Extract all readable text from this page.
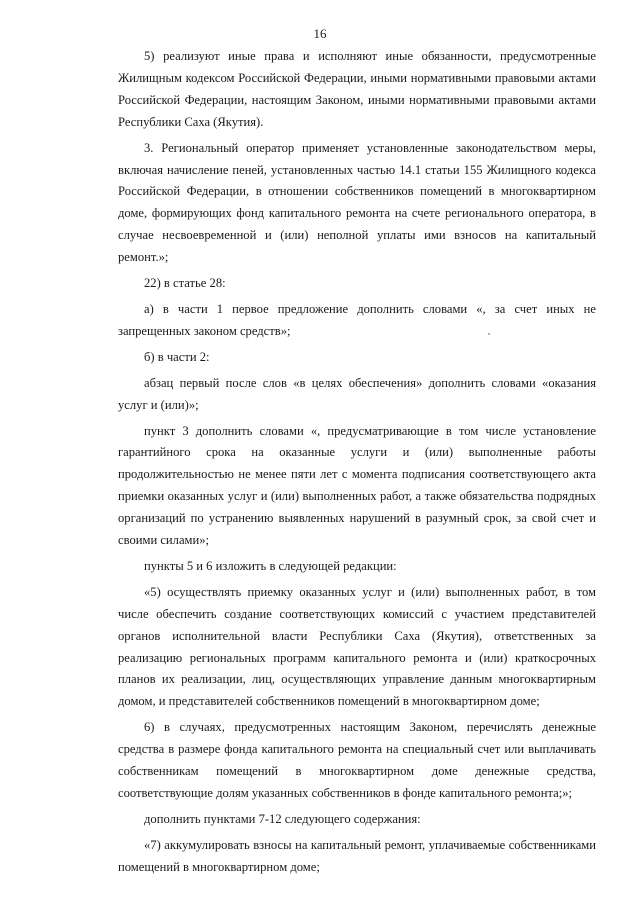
16

5) реализуют иные права и исполняют иные обязанности, предусмотренные Жилищным кодексом Российской Федерации, иными нормативными правовыми актами Российской Федерации, настоящим Законом, иными нормативными правовыми актами Республики Саха (Якутия).

3. Региональный оператор применяет установленные законодательством меры, включая начисление пеней, установленных частью 14.1 статьи 155 Жилищного кодекса Российской Федерации, в отношении собственников помещений в многоквартирном доме, формирующих фонд капитального ремонта на счете регионального оператора, в случае несвоевременной и (или) неполной уплаты ими взносов на капитальный ремонт.»;

22) в статье 28:

а) в части 1 первое предложение дополнить словами «, за счет иных не запрещенных законом средств»;

б) в части 2:

абзац первый после слов «в целях обеспечения» дополнить словами «оказания услуг и (или)»;

пункт 3 дополнить словами «, предусматривающие в том числе установление гарантийного срока на оказанные услуги и (или) выполненные работы продолжительностью не менее пяти лет с момента подписания соответствующего акта приемки оказанных услуг и (или) выполненных работ, а также обязательства подрядных организаций по устранению выявленных нарушений в разумный срок, за свой счет и своими силами»;

пункты 5 и 6 изложить в следующей редакции:

«5) осуществлять приемку оказанных услуг и (или) выполненных работ, в том числе обеспечить создание соответствующих комиссий с участием представителей органов исполнительной власти Республики Саха (Якутия), ответственных за реализацию региональных программ капитального ремонта и (или) краткосрочных планов их реализации, лиц, осуществляющих управление данным многоквартирным домом, и представителей собственников помещений в многоквартирном доме;

6) в случаях, предусмотренных настоящим Законом, перечислять денежные средства в размере фонда капитального ремонта на специальный счет или выплачивать собственникам помещений в многоквартирном доме денежные средства, соответствующие долям указанных собственников в фонде капитального ремонта;»;

дополнить пунктами 7-12 следующего содержания:

«7) аккумулировать взносы на капитальный ремонт, уплачиваемые собственниками помещений в многоквартирном доме;
